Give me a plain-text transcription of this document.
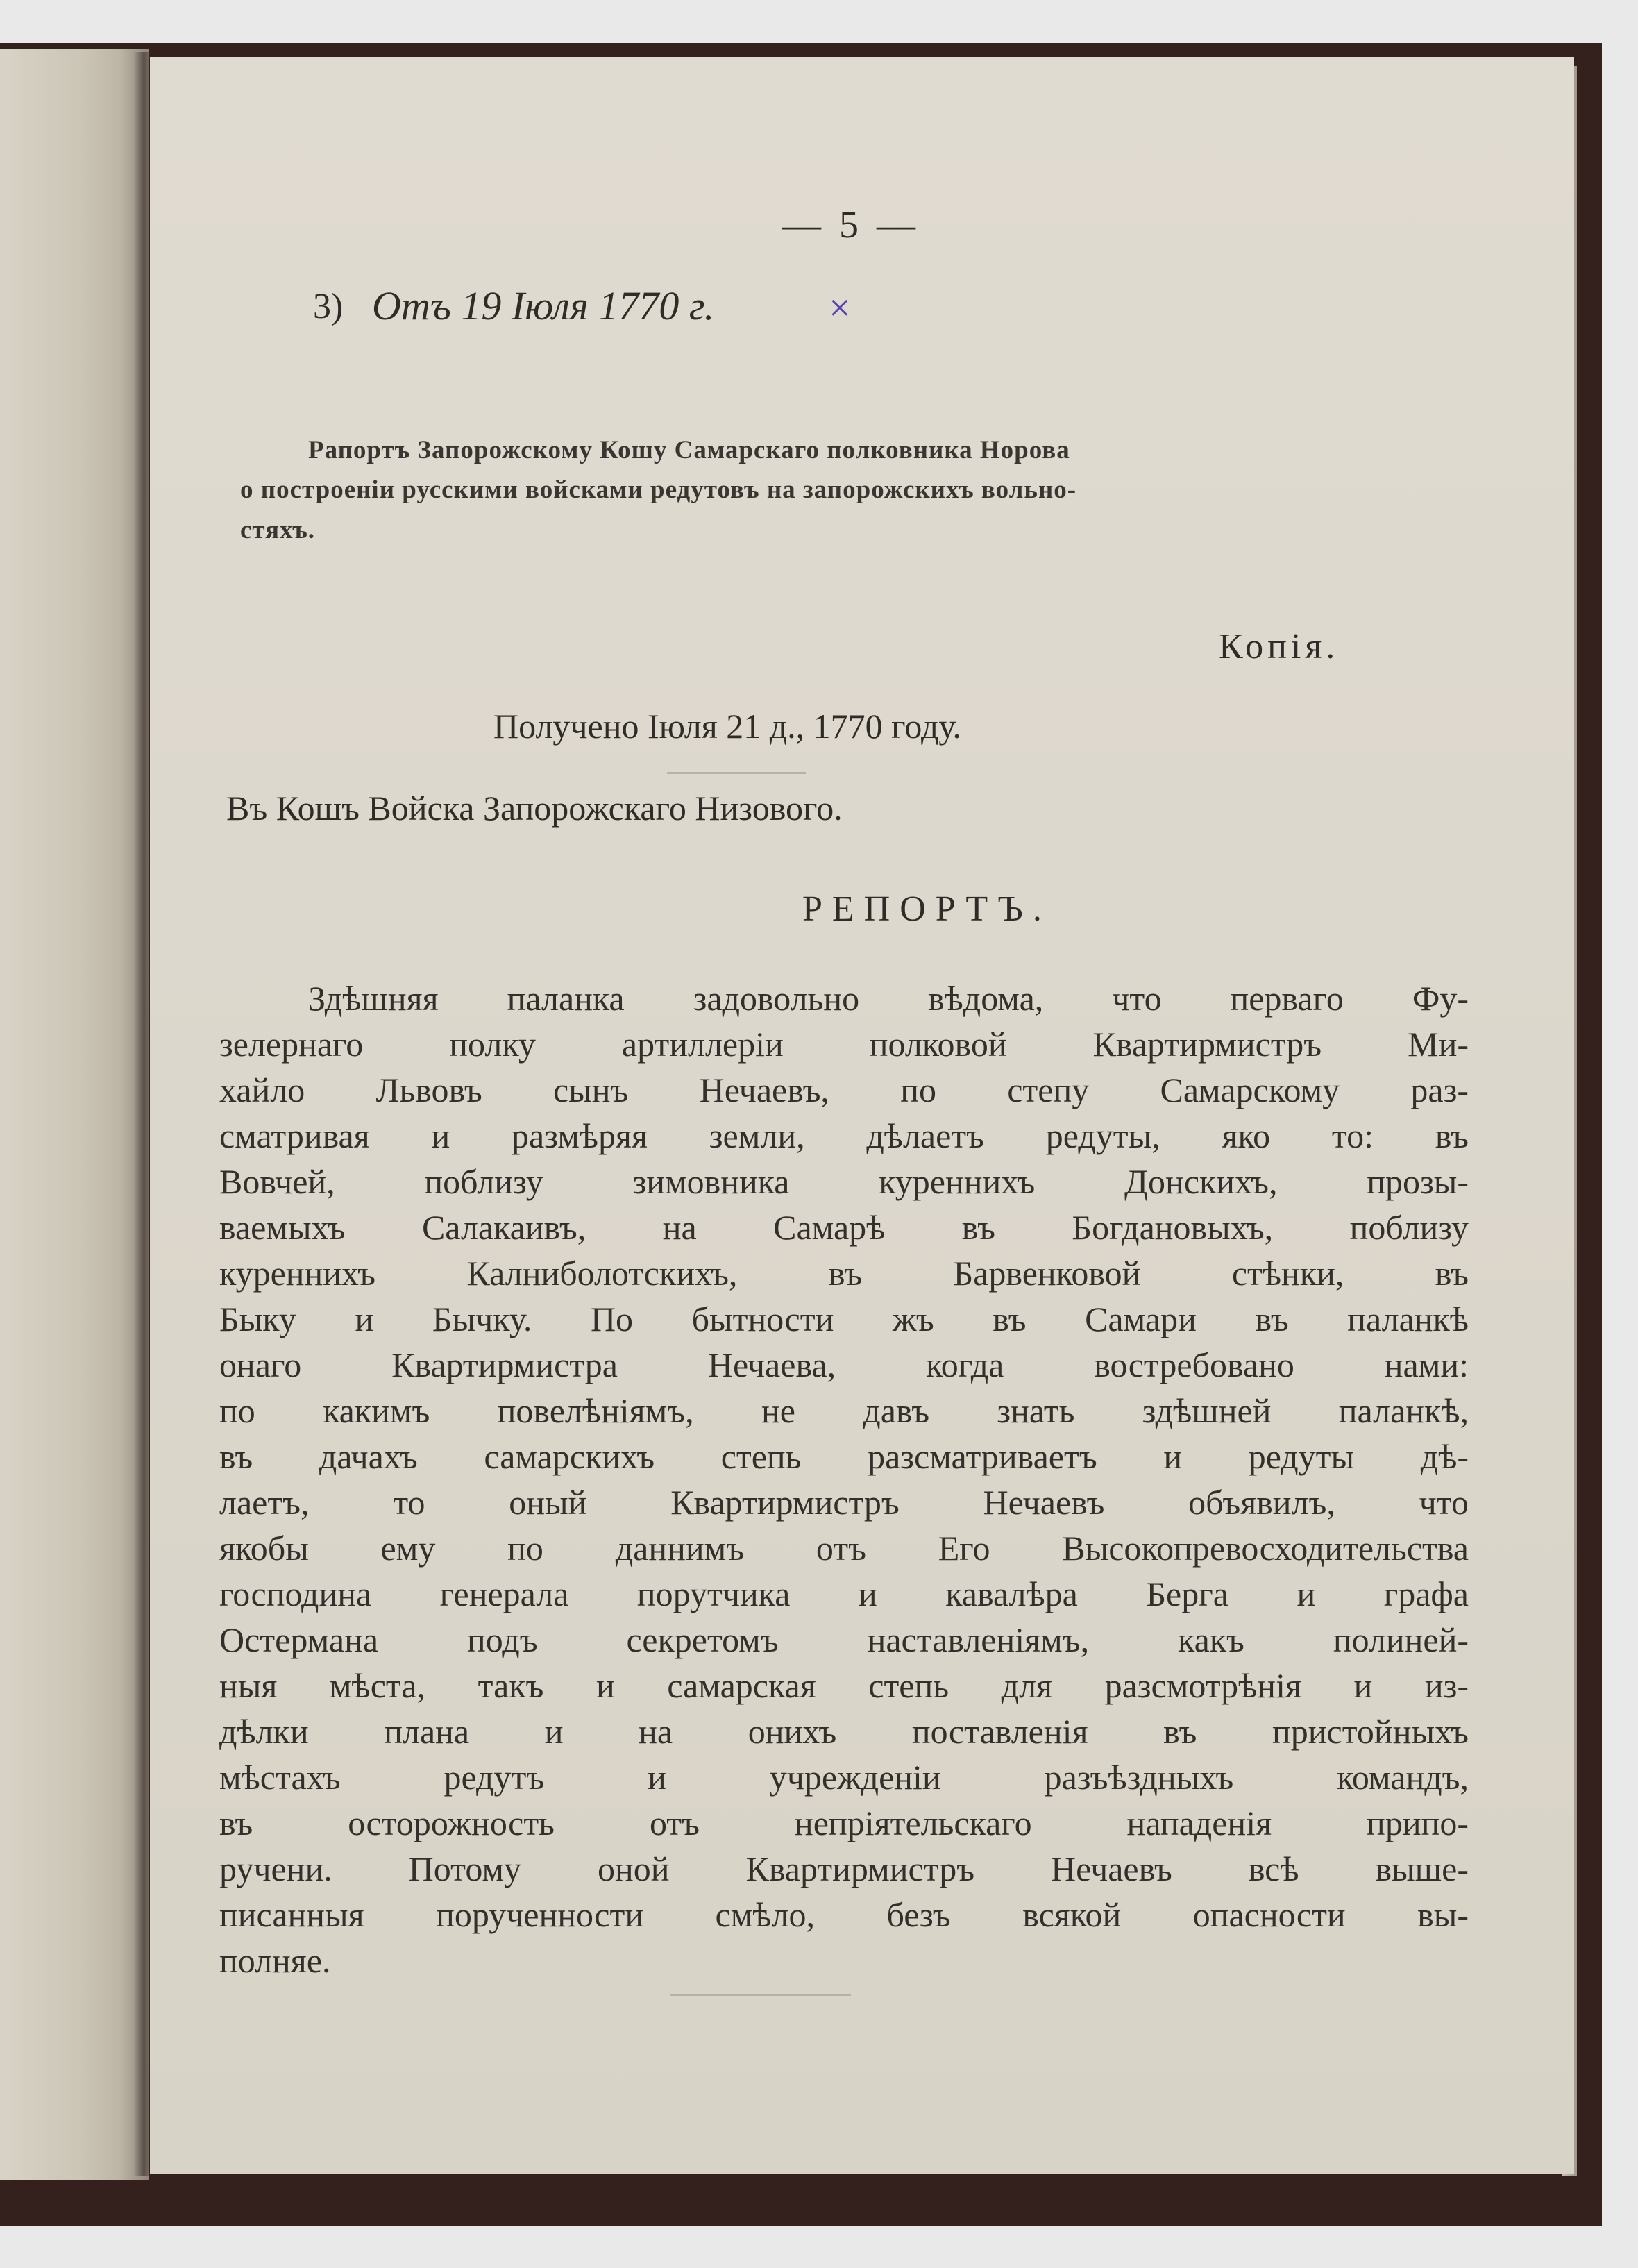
— 5 —
3) Отъ 19 Іюля 1770 г.	×
Рапортъ Запорожскому Кошу Самарскаго полковника Норова
о построеніи русскими войсками редутовъ на запорожскихъ вольно-
стяхъ.
Копія.
Получено Іюля 21 д., 1770 году.
Въ Кошъ Войска Запорожскаго Низового.
РЕПОРТЪ.
Здѣшняя паланка задовольно вѣдома, что перваго Фу-
зелернаго полку артиллеріи полковой Квартирмистръ Ми-
хайло Львовъ сынъ Нечаевъ, по степу Самарскому раз-
сматривая и размѣряя земли, дѣлаетъ редуты, яко то: въ
Вовчей, поблизу зимовника куреннихъ Донскихъ, прозы-
ваемыхъ Салакаивъ, на Самарѣ въ Богдановыхъ, поблизу
куреннихъ Калниболотскихъ, въ Барвенковой стѣнки, въ
Быку и Бычку. По бытности жъ въ Самари въ паланкѣ
онаго Квартирмистра Нечаева, когда востребовано нами:
по какимъ повелѣніямъ, не давъ знать здѣшней паланкѣ,
въ дачахъ самарскихъ степь разсматриваетъ и редуты дѣ-
лаетъ, то оный Квартирмистръ Нечаевъ объявилъ, что
якобы ему по даннимъ отъ Его Высокопревосходительства
господина генерала порутчика и кавалѣра Берга и графа
Остермана подъ секретомъ наставленіямъ, какъ полиней-
ныя мѣста, такъ и самарская степь для разсмотрѣнія и из-
дѣлки плана и на онихъ поставленія въ пристойныхъ
мѣстахъ редутъ и учрежденіи разъѣздныхъ командъ,
въ осторожность отъ непріятельскаго нападенія припо-
ручени. Потому оной Квартирмистръ Нечаевъ всѣ выше-
писанныя порученности смѣло, безъ всякой опасности вы-
полняе.
